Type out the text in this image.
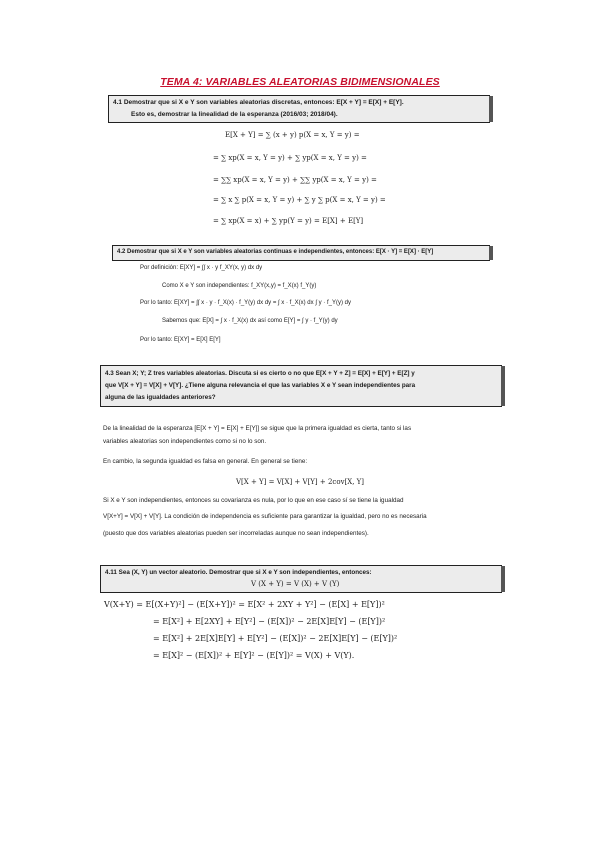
TEMA 4: VARIABLES ALEATORIAS BIDIMENSIONALES
4.1 Demostrar que si X e Y son variables aleatorias discretas, entonces: E[X + Y] = E[X] + E[Y].
Esto es, demostrar la linealidad de la esperanza (2016/03; 2018/04).
E[X + Y] = ∑ (x + y) p(X = x, Y = y) =
= ∑ xp(X = x, Y = y) + ∑ yp(X = x, Y = y) =
= ∑∑ xp(X = x, Y = y) + ∑∑ yp(X = x, Y = y) =
= ∑ x ∑ p(X = x, Y = y) + ∑ y ∑ p(X = x, Y = y) =
= ∑ xp(X = x) + ∑ yp(Y = y) = E[X] + E[Y]
4.2 Demostrar que si X e Y son variables aleatorias continuas e independientes, entonces: E[X · Y] = E[X] · E[Y]
Por definición: E[XY] = ∫∫ x · y f_XY(x, y) dx dy
Como X e Y son independientes: f_XY(x,y) = f_X(x) f_Y(y)
Por lo tanto: E[XY] = ∫∫ x · y · f_X(x) · f_Y(y) dx dy = ∫ x · f_X(x) dx ∫ y · f_Y(y) dy
Sabemos que: E[X] = ∫ x · f_X(x) dx así como E[Y] = ∫ y · f_Y(y) dy
Por lo tanto: E[XY] = E[X] E[Y]
4.3 Sean X; Y; Z tres variables aleatorias. Discuta si es cierto o no que E[X + Y + Z] = E[X] + E[Y] + E[Z] y
que V[X + Y] = V[X] + V[Y]. ¿Tiene alguna relevancia el que las variables X e Y sean independientes para
alguna de las igualdades anteriores?
De la linealidad de la esperanza [E[X + Y] = E[X] + E[Y]] se sigue que la primera igualdad es cierta, tanto si las
variables aleatorias son independientes como si no lo son.
En cambio, la segunda igualdad es falsa en general. En general se tiene:
V[X + Y] = V[X] + V[Y] + 2cov[X, Y]
Si X e Y son independientes, entonces su covarianza es nula, por lo que en ese caso sí se tiene la igualdad
V[X+Y] = V[X] + V[Y]. La condición de independencia es suficiente para garantizar la igualdad, pero no es necesaria
(puesto que dos variables aleatorias pueden ser incorreladas aunque no sean independientes).
4.11 Sea (X, Y) un vector aleatorio. Demostrar que si X e Y son independientes, entonces:
V (X + Y) = V (X) + V (Y)
V(X+Y) = E[(X+Y)²] − (E[X+Y])² = E[X² + 2XY + Y²] − (E[X] + E[Y])²
= E[X²] + E[2XY] + E[Y²] − (E[X])² − 2E[X]E[Y] − (E[Y])²
= E[X²] + 2E[X]E[Y] + E[Y²] − (E[X])² − 2E[X]E[Y] − (E[Y])²
= E[X]² − (E[X])² + E[Y]² − (E[Y])² = V(X) + V(Y).
